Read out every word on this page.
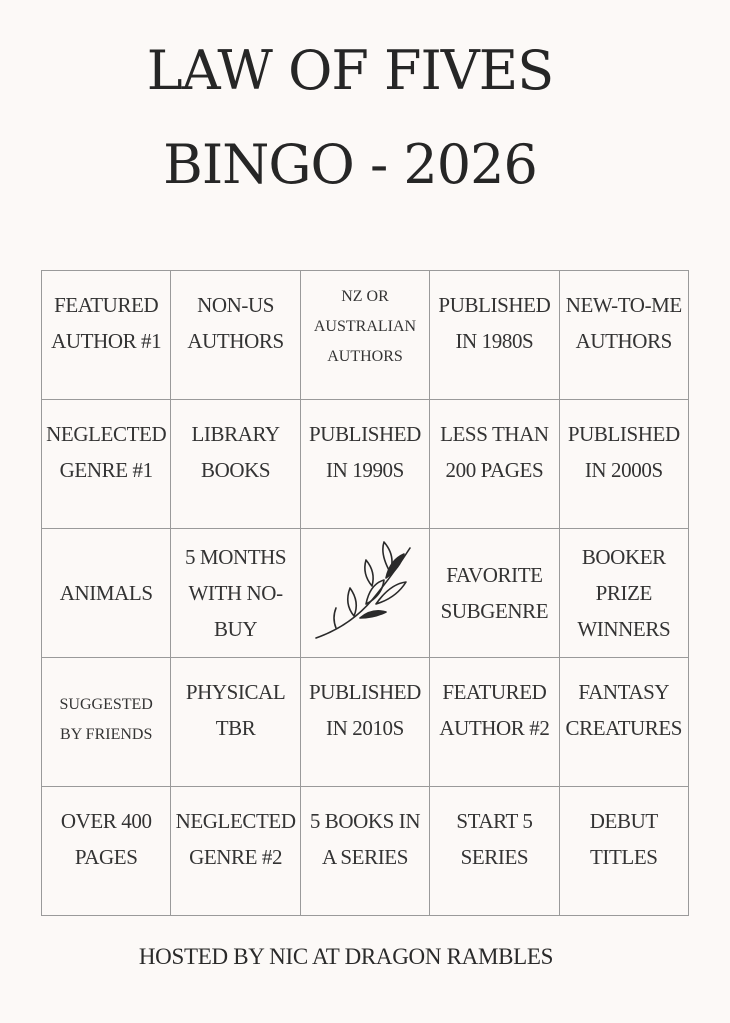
LAW OF FIVES
BINGO - 2026
FEATURED
AUTHOR #1
NON-US
AUTHORS
NZ OR
AUSTRALIAN
AUTHORS
PUBLISHED
IN 1980S
NEW-TO-ME
AUTHORS
NEGLECTED
GENRE #1
LIBRARY
BOOKS
PUBLISHED
IN 1990S
LESS THAN
200 PAGES
PUBLISHED
IN 2000S
ANIMALS
5 MONTHS
WITH NO-
BUY
FAVORITE
SUBGENRE
BOOKER
PRIZE
WINNERS
SUGGESTED
BY FRIENDS
PHYSICAL
TBR
PUBLISHED
IN 2010S
FEATURED
AUTHOR #2
FANTASY
CREATURES
OVER 400
PAGES
NEGLECTED
GENRE #2
5 BOOKS IN
A SERIES
START 5
SERIES
DEBUT
TITLES
HOSTED BY NIC AT DRAGON RAMBLES
